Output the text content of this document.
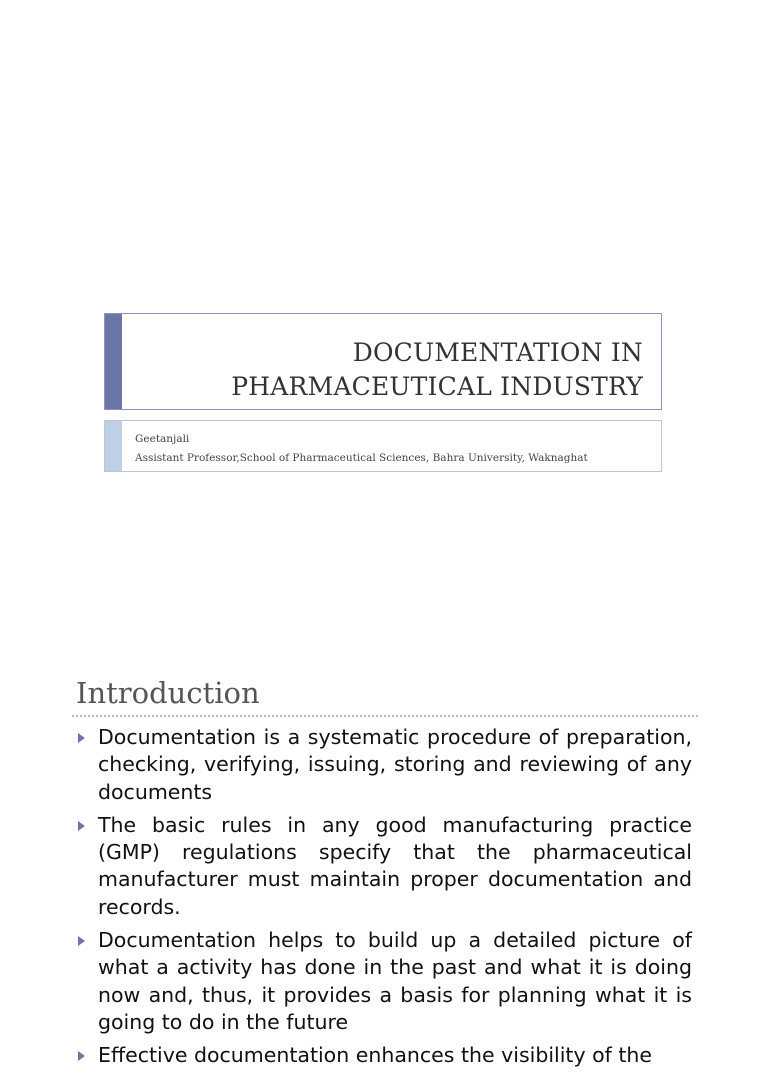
DOCUMENTATION IN
PHARMACEUTICAL INDUSTRY
Geetanjali
Assistant Professor,School of Pharmaceutical Sciences, Bahra University, Waknaghat
Introduction
Documentation is a systematic procedure of preparation, checking, verifying, issuing, storing and reviewing of any documents
The basic rules in any good manufacturing practice (GMP) regulations specify that the pharmaceutical manufacturer must maintain proper documentation and records.
Documentation helps to build up a detailed picture of what a activity has done in the past and what it is doing now and, thus, it provides a basis for planning what it is going to do in the future
Effective documentation enhances the visibility of the
